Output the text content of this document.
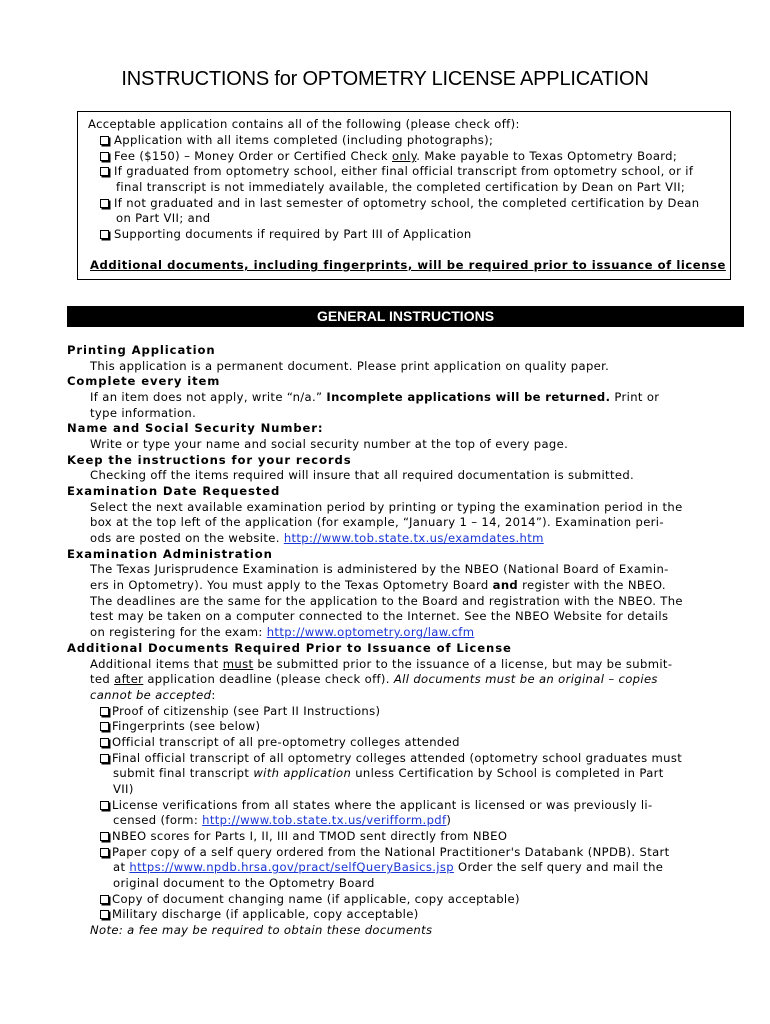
INSTRUCTIONS for OPTOMETRY LICENSE APPLICATION
Acceptable application contains all of the following (please check off):
Application with all items completed (including photographs);
Fee ($150) – Money Order or Certified Check only. Make payable to Texas Optometry Board;
If graduated from optometry school, either final official transcript from optometry school, or if
final transcript is not immediately available, the completed certification by Dean on Part VII;
If not graduated and in last semester of optometry school, the completed certification by Dean
on Part VII; and
Supporting documents if required by Part III of Application
Additional documents, including fingerprints, will be required prior to issuance of license
GENERAL INSTRUCTIONS
Printing Application
This application is a permanent document. Please print application on quality paper.
Complete every item
If an item does not apply, write “n/a.” Incomplete applications will be returned. Print or
type information.
Name and Social Security Number:
Write or type your name and social security number at the top of every page.
Keep the instructions for your records
Checking off the items required will insure that all required documentation is submitted.
Examination Date Requested
Select the next available examination period by printing or typing the examination period in the
box at the top left of the application (for example, “January 1 – 14, 2014”). Examination peri-
ods are posted on the website. http://www.tob.state.tx.us/examdates.htm
Examination Administration
The Texas Jurisprudence Examination is administered by the NBEO (National Board of Examin-
ers in Optometry). You must apply to the Texas Optometry Board and register with the NBEO.
The deadlines are the same for the application to the Board and registration with the NBEO. The
test may be taken on a computer connected to the Internet. See the NBEO Website for details
on registering for the exam: http://www.optometry.org/law.cfm
Additional Documents Required Prior to Issuance of License
Additional items that must be submitted prior to the issuance of a license, but may be submit-
ted after application deadline (please check off). All documents must be an original – copies
cannot be accepted:
Proof of citizenship (see Part II Instructions)
Fingerprints (see below)
Official transcript of all pre-optometry colleges attended
Final official transcript of all optometry colleges attended (optometry school graduates must
submit final transcript with application unless Certification by School is completed in Part
VII)
License verifications from all states where the applicant is licensed or was previously li-
censed (form: http://www.tob.state.tx.us/verifform.pdf)
NBEO scores for Parts I, II, III and TMOD sent directly from NBEO
Paper copy of a self query ordered from the National Practitioner's Databank (NPDB). Start
at https://www.npdb.hrsa.gov/pract/selfQueryBasics.jsp Order the self query and mail the
original document to the Optometry Board
Copy of document changing name (if applicable, copy acceptable)
Military discharge (if applicable, copy acceptable)
Note: a fee may be required to obtain these documents
